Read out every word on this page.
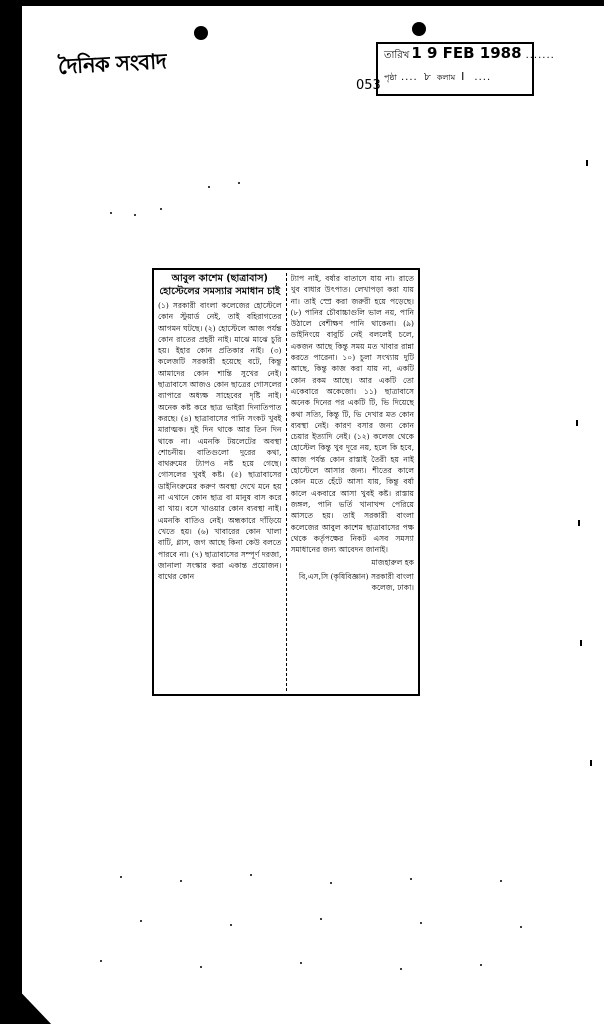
দৈনিক সংবাদ	তারিখ 1 9 FEB 1988 .......
পৃষ্ঠা .... ৮ কলাম I ....
053
আবুল কাশেম (ছাত্রাবাস) হোস্টেলের সমস্যার সমাধান চাই

(১) সরকারী বাংলা কলেজের হোস্টেলে কোন স্টুয়ার্ড নেই, তাই বহিরাগতের আগমন ঘটছে। (২) হোস্টেলে আজ পর্যন্ত কোন রাতের প্রহরী নাই। মাঝে মাঝে চুরি হয়। ইহার কোন প্রতিকার নাই। (৩) কলেজটি সরকারী হয়েছে বটে, কিন্তু আমাদের কোন শান্তি সুখের নেই। ছাত্রাবাসে আজও কোন ছাত্রের গোসলের ব্যাপারে অধ্যক্ষ সাহেবের দৃষ্টি নাই। অনেক কষ্ট করে ছাত্র ভাইরা দিনাতিপাত করছে। (৪) ছাত্রাবাসের পানি সংকট খুবই মারাত্মক। দুই দিন থাকে আর তিন দিন থাকে না। এমনকি টয়লেটের অবস্থা শোচনীয়। বাতিগুলো দুরের কথা, বাথরুমের ট্যাপও নষ্ট হয়ে গেছে। গোসলের খুবই কষ্ট। (৫) ছাত্রাবাসের ডাইনিংরুমের করুণ অবস্থা দেখে মনে হয় না এখানে কোন ছাত্র বা মানুষ বাস করে বা খায়। বসে খাওয়ার কোন ব্যবস্থা নাই। এমনকি বাতিও নেই। অন্ধকারে দাঁড়িয়ে খেতে হয়। (৬) খাবারের কোন খালা বাটি, গ্লাস, জগ আছে কিনা কেউ বলতে পারবে না। (৭) ছাত্রাবাসের সম্পূর্ণ দরজা, জানালা সংস্কার করা একান্ত প্রয়োজন। বাথের কোন

ট্যাপ নাই, বর্ষার বাতাসে যায় না। রাতে খুব বাধার উৎপাত। লেখাপড়া করা যায় না। তাই স্প্রে করা জরুরী হয়ে পড়েছে। (৮) পানির চৌবাচ্চাগুলি ভাল নয়, পানি উঠালে বেশীক্ষণ পানি থাকেনা। (৯) ডাইনিংয়ে বাবুর্চি নেই বললেই চলে, একজন আছে কিন্তু সময় মত খাবার রান্না করতে পারেনা। ১০) চুলা সংখ্যায় দুটি আছে, কিন্তু কাজ করা যায় না, একটি কোন রকম আছে। আর একটি তো একেবারে অকেজো। ১১) ছাত্রাবাসে অনেক দিনের পর একটি টি, ভি দিয়েছে কথা সত্যি, কিন্তু টি, ভি দেখার মত কোন ব্যবস্থা নেই। কারণ বসার জন্য কোন চেয়ার ইত্যাদি নেই। (১২) কলেজ থেকে হোস্টেল কিন্তু খুব দূরে নয়, হলে কি হবে, আজ পর্যন্ত কোন রাস্তাই তৈরী হয় নাই হোস্টেলে আসার জন্য। শীতের কালে কোন মতে হেঁটে আসা যায়, কিন্তু বর্ষা কালে একবারে আসা খুবই কষ্ট। রাস্তায় জঙ্গল, পানি ভর্তি খানাখন্দ পেরিয়ে আসতে হয়। তাই সরকারী বাংলা কলেজের আবুল কাশেম ছাত্রাবাসের পক্ষ থেকে কর্তৃপক্ষের নিকট এসব সমস্যা সমাধানের জন্য আবেদন জানাই।

মাজহারুল হক
বি,এস,সি (কৃষিবিজ্ঞান) সরকারী বাংলা কলেজ, ঢাকা।
